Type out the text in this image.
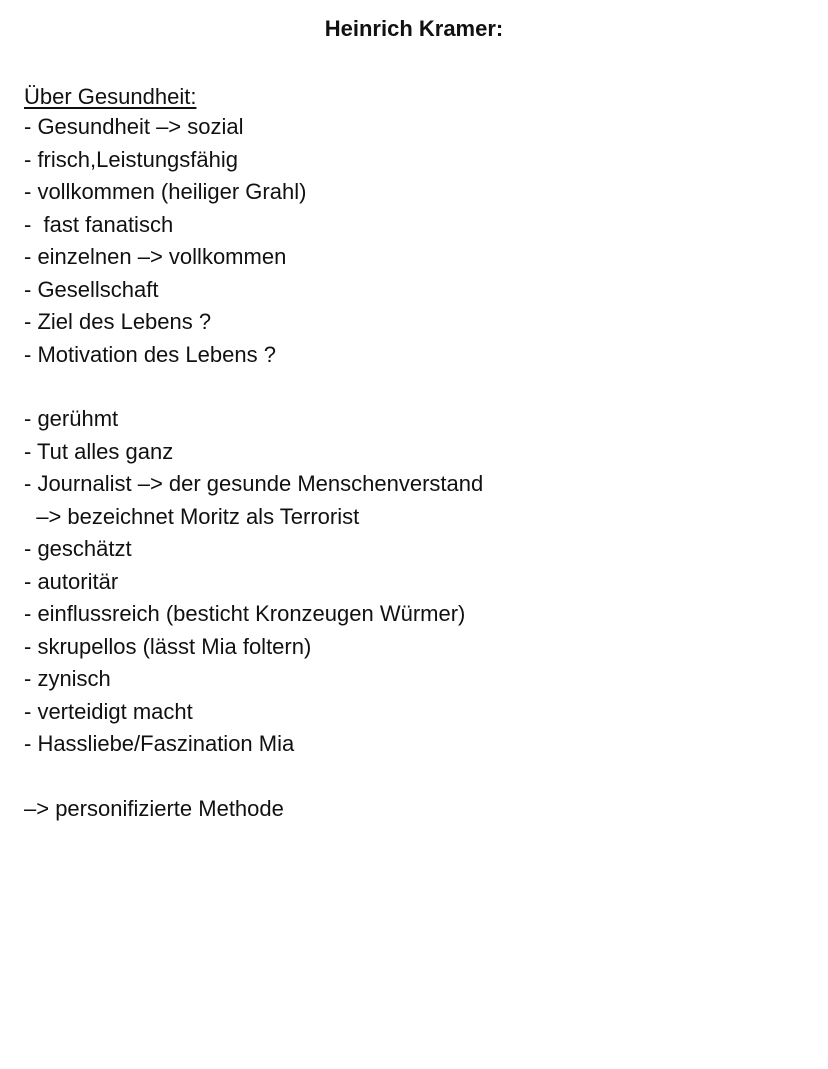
Heinrich Kramer:
Über Gesundheit:
- Gesundheit –> sozial
- frisch,Leistungsfähig
- vollkommen (heiliger Grahl)
-  fast fanatisch
- einzelnen –> vollkommen
- Gesellschaft
- Ziel des Lebens ?
- Motivation des Lebens ?
- gerühmt
- Tut alles ganz
- Journalist –> der gesunde Menschenverstand
–> bezeichnet Moritz als Terrorist
- geschätzt
- autoritär
- einflussreich (besticht Kronzeugen Würmer)
- skrupellos (lässt Mia foltern)
- zynisch
- verteidigt macht
- Hassliebe/Faszination Mia
–> personifizierte Methode
